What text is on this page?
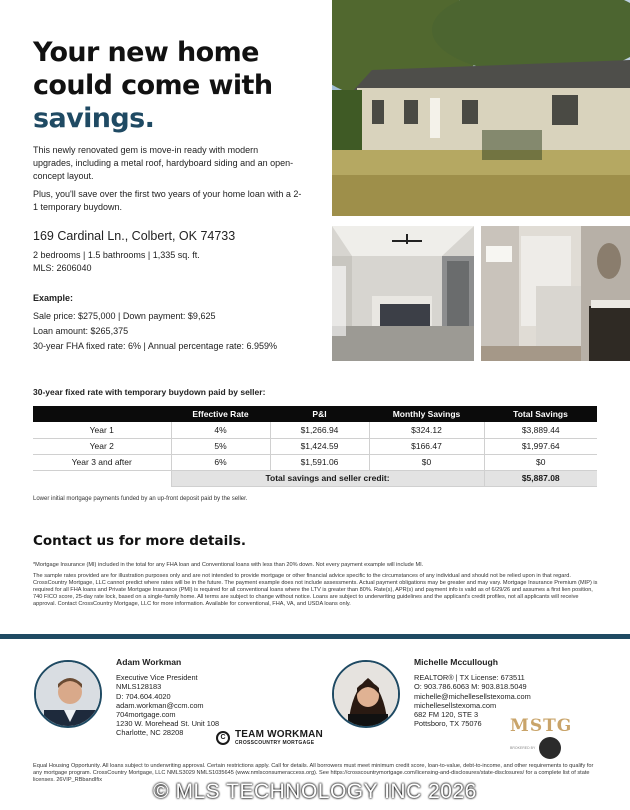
Your new home
could come with
savings.
This newly renovated gem is move-in ready with modern upgrades, including a metal roof, hardyboard siding and an open-concept layout.
Plus, you'll save over the first two years of your home loan with a 2-1 temporary buydown.
169 Cardinal Ln., Colbert, OK 74733
2 bedrooms | 1.5 bathrooms | 1,335 sq. ft.
MLS: 2606040
Example:
Sale price: $275,000 | Down payment: $9,625
Loan amount: $265,375
30-year FHA fixed rate: 6% | Annual percentage rate: 6.959%
30-year fixed rate with temporary buydown paid by seller:
	Effective Rate	P&I	Monthly Savings	Total Savings
Year 1	4%	$1,266.94	$324.12	$3,889.44
Year 2	5%	$1,424.59	$166.47	$1,997.64
Year 3 and after	6%	$1,591.06	$0	$0
	Total savings and seller credit:			$5,887.08
Lower initial mortgage payments funded by an up-front deposit paid by the seller.
Contact us for more details.
*Mortgage Insurance (MI) included in the total for any FHA loan and Conventional loans with less than 20% down. Not every payment example will include MI.
The sample rates provided are for illustration purposes only and are not intended to provide mortgage or other financial advice specific to the circumstances of any individual and should not be relied upon in that regard. CrossCountry Mortgage, LLC cannot predict where rates will be in the future. The payment example does not include assessments. Actual payment obligations may be greater and may vary. Mortgage Insurance Premium (MIP) is required for all FHA loans and Private Mortgage Insurance (PMI) is required for all conventional loans where the LTV is greater than 80%. Rate(s), APR(s) and payment info is valid as of 6/29/26 and assumes a first lien position, 740 FICO score, 25-day rate lock, based on a single-family home. All terms are subject to change without notice. Loans are subject to underwriting guidelines and the applicant's credit profiles, not all applicants will receive approval. Contact CrossCountry Mortgage, LLC for more information. Available for conventional, FHA, VA, and USDA loans only.
Adam Workman
Executive Vice President
NMLS128183
D: 704.604.4020
adam.workman@ccm.com
704mortgage.com
1230 W. Morehead St. Unit 108
Charlotte, NC 28208
C TEAM WORKMAN
CROSSCOUNTRY MORTGAGE
Michelle Mccullough
REALTOR® | TX License: 673511
O: 903.786.6063 M: 903.818.5049
michelle@michellesellstexoma.com
michellesellstexoma.com
682 FM 120, STE 3
Pottsboro, TX 75076	MSTG
BROKERED BY
Equal Housing Opportunity. All loans subject to underwriting approval. Certain restrictions apply. Call for details. All borrowers must meet minimum credit score, loan-to-value, debt-to-income, and other requirements to qualify for any mortgage program. CrossCountry Mortgage, LLC NMLS3029 NMLS1035645 (www.nmlsconsumeraccess.org). See https://crosscountrymortgage.com/licensing-and-disclosures/state-disclosures/ for a complete list of state licenses. 26VIP_RBbandIfix	© MLS TECHNOLOGY INC 2026
